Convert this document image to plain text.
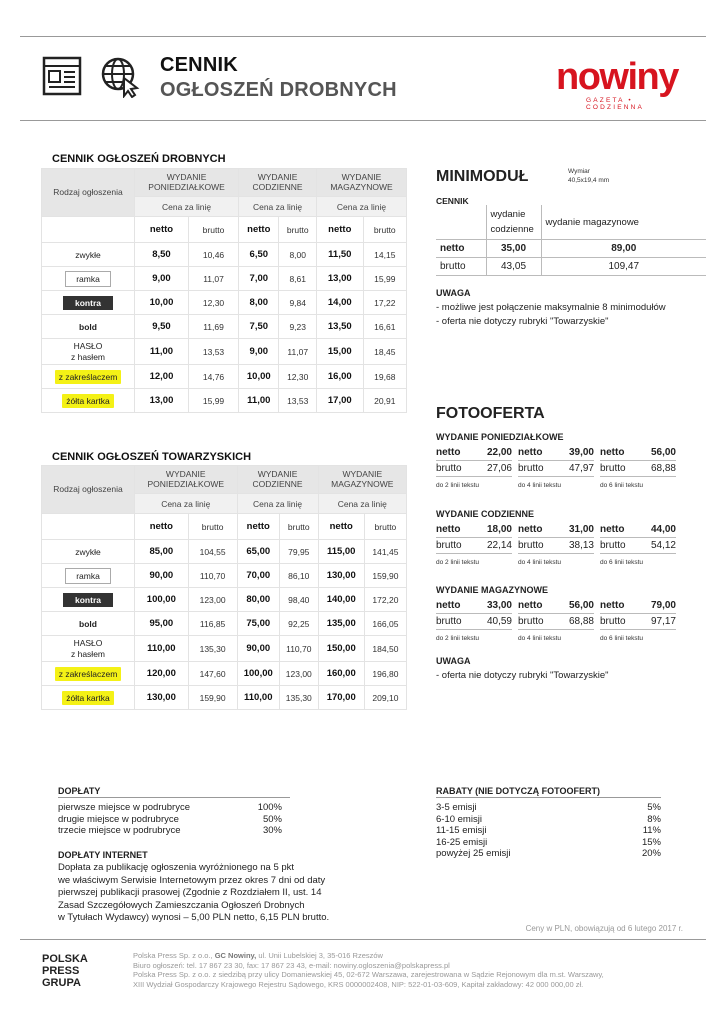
CENNIK
OGŁOSZEŃ DROBNYCH	nowiny
GAZETA • CODZIENNA
CENNIK OGŁOSZEŃ DROBNYCH
Rodzaj ogłoszenia	WYDANIE PONIEDZIAŁKOWE		WYDANIE CODZIENNE		WYDANIE MAGAZYNOWE	
	Cena za linię		Cena za linię		Cena za linię	
	netto	brutto	netto	brutto	netto	brutto
zwykłe	8,50	10,46	6,50	8,00	11,50	14,15
ramka	9,00	11,07	7,00	8,61	13,00	15,99
kontra	10,00	12,30	8,00	9,84	14,00	17,22
bold	9,50	11,69	7,50	9,23	13,50	16,61
HASŁO
z hasłem	11,00	13,53	9,00	11,07	15,00	18,45
z zakreślaczem	12,00	14,76	10,00	12,30	16,00	19,68
żółta kartka	13,00	15,99	11,00	13,53	17,00	20,91
CENNIK OGŁOSZEŃ TOWARZYSKICH
Rodzaj ogłoszenia	WYDANIE PONIEDZIAŁKOWE		WYDANIE CODZIENNE		WYDANIE MAGAZYNOWE	
	Cena za linię		Cena za linię		Cena za linię	
	netto	brutto	netto	brutto	netto	brutto
zwykłe	85,00	104,55	65,00	79,95	115,00	141,45
ramka	90,00	110,70	70,00	86,10	130,00	159,90
kontra	100,00	123,00	80,00	98,40	140,00	172,20
bold	95,00	116,85	75,00	92,25	135,00	166,05
HASŁO
z hasłem	110,00	135,30	90,00	110,70	150,00	184,50
z zakreślaczem	120,00	147,60	100,00	123,00	160,00	196,80
żółta kartka	130,00	159,90	110,00	135,30	170,00	209,10
MINIMODUŁ	Wymiar
40,5x19,4 mm
CENNIK
	wydanie codzienne	wydanie magazynowe
netto	35,00	89,00
brutto	43,05	109,47
UWAGA
- możliwe jest połączenie maksymalnie 8 minimodułów
- oferta nie dotyczy rubryki "Towarzyskie"
FOTOOFERTA
WYDANIE PONIEDZIAŁKOWE
netto	22,00
brutto	27,06
do 2 linii tekstu
netto	39,00
brutto	47,97
do 4 linii tekstu
netto	56,00
brutto	68,88
do 6 linii tekstu
WYDANIE CODZIENNE
netto	18,00
brutto	22,14
do 2 linii tekstu
netto	31,00
brutto	38,13
do 4 linii tekstu
netto	44,00
brutto	54,12
do 6 linii tekstu
WYDANIE MAGAZYNOWE
netto	33,00
brutto	40,59
do 2 linii tekstu
netto	56,00
brutto	68,88
do 4 linii tekstu
netto	79,00
brutto	97,17
do 6 linii tekstu
UWAGA
- oferta nie dotyczy rubryki "Towarzyskie"
DOPŁATY
pierwsze miejsce w podrubryce	100%
drugie miejsce w podrubryce	50%
trzecie miejsce w podrubryce	30%
DOPŁATY INTERNET
Dopłata za publikację ogłoszenia wyróżnionego na 5 pkt
we właściwym Serwisie Internetowym przez okres 7 dni od daty
pierwszej publikacji prasowej (Zgodnie z Rozdziałem II, ust. 14
Zasad Szczegółowych Zamieszczania Ogłoszeń Drobnych
w Tytułach Wydawcy) wynosi – 5,00 PLN netto, 6,15 PLN brutto.
RABATY (NIE DOTYCZĄ FOTOOFERT)
3-5 emisji	5%
6-10 emisji	8%
11-15 emisji	11%
16-25 emisji	15%
powyżej 25 emisji	20%
Ceny w PLN, obowiązują od 6 lutego 2017 r.
POLSKA
PRESS
GRUPA
Polska Press Sp. z o.o., GC Nowiny, ul. Unii Lubelskiej 3, 35-016 Rzeszów
Biuro ogłoszeń: tel. 17 867 23 30, fax: 17 867 23 43, e-mail: nowiny.ogloszenia@polskapress.pl
Polska Press Sp. z o.o. z siedzibą przy ulicy Domaniewskiej 45, 02-672 Warszawa, zarejestrowana w Sądzie Rejonowym dla m.st. Warszawy,
XIII Wydział Gospodarczy Krajowego Rejestru Sądowego, KRS 0000002408, NIP: 522-01-03-609, Kapitał zakładowy: 42 000 000,00 zł.
